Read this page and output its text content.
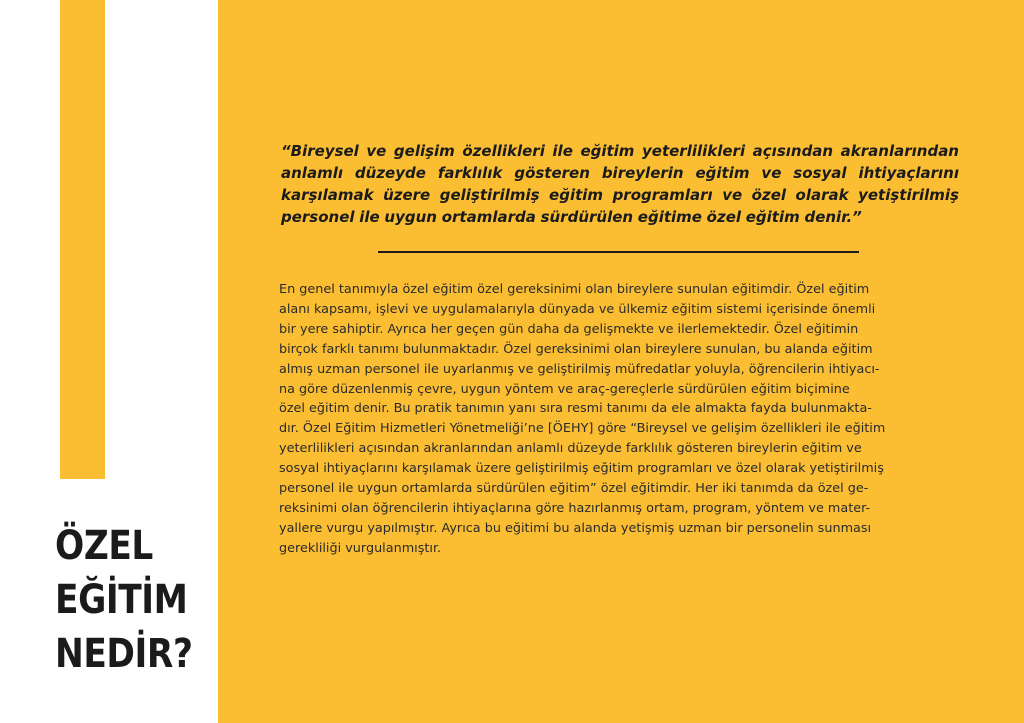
ÖZEL
EĞİTİM
NEDİR?

“Bireysel ve gelişim özellikleri ile eğitim yeterlilikleri açısından akranlarından anlamlı düzeyde farklılık gösteren bireylerin eğitim ve sosyal ihtiyaçlarını karşılamak üzere geliştirilmiş eğitim programları ve özel olarak yetiştirilmiş personel ile uygun ortamlarda sürdürülen eğitime özel eğitim denir.”

En genel tanımıyla özel eğitim özel gereksinimi olan bireylere sunulan eğitimdir. Özel eğitim
alanı kapsamı, işlevi ve uygulamalarıyla dünyada ve ülkemiz eğitim sistemi içerisinde önemli
bir yere sahiptir. Ayrıca her geçen gün daha da gelişmekte ve ilerlemektedir. Özel eğitimin
birçok farklı tanımı bulunmaktadır. Özel gereksinimi olan bireylere sunulan, bu alanda eğitim
almış uzman personel ile uyarlanmış ve geliştirilmiş müfredatlar yoluyla, öğrencilerin ihtiyacı-
na göre düzenlenmiş çevre, uygun yöntem ve araç-gereçlerle sürdürülen eğitim biçimine
özel eğitim denir. Bu pratik tanımın yanı sıra resmi tanımı da ele almakta fayda bulunmakta-
dır. Özel Eğitim Hizmetleri Yönetmeliği’ne [ÖEHY] göre “Bireysel ve gelişim özellikleri ile eğitim
yeterlilikleri açısından akranlarından anlamlı düzeyde farklılık gösteren bireylerin eğitim ve
sosyal ihtiyaçlarını karşılamak üzere geliştirilmiş eğitim programları ve özel olarak yetiştirilmiş
personel ile uygun ortamlarda sürdürülen eğitim” özel eğitimdir. Her iki tanımda da özel ge-
reksinimi olan öğrencilerin ihtiyaçlarına göre hazırlanmış ortam, program, yöntem ve mater-
yallere vurgu yapılmıştır. Ayrıca bu eğitimi bu alanda yetişmiş uzman bir personelin sunması
gerekliliği vurgulanmıştır.
